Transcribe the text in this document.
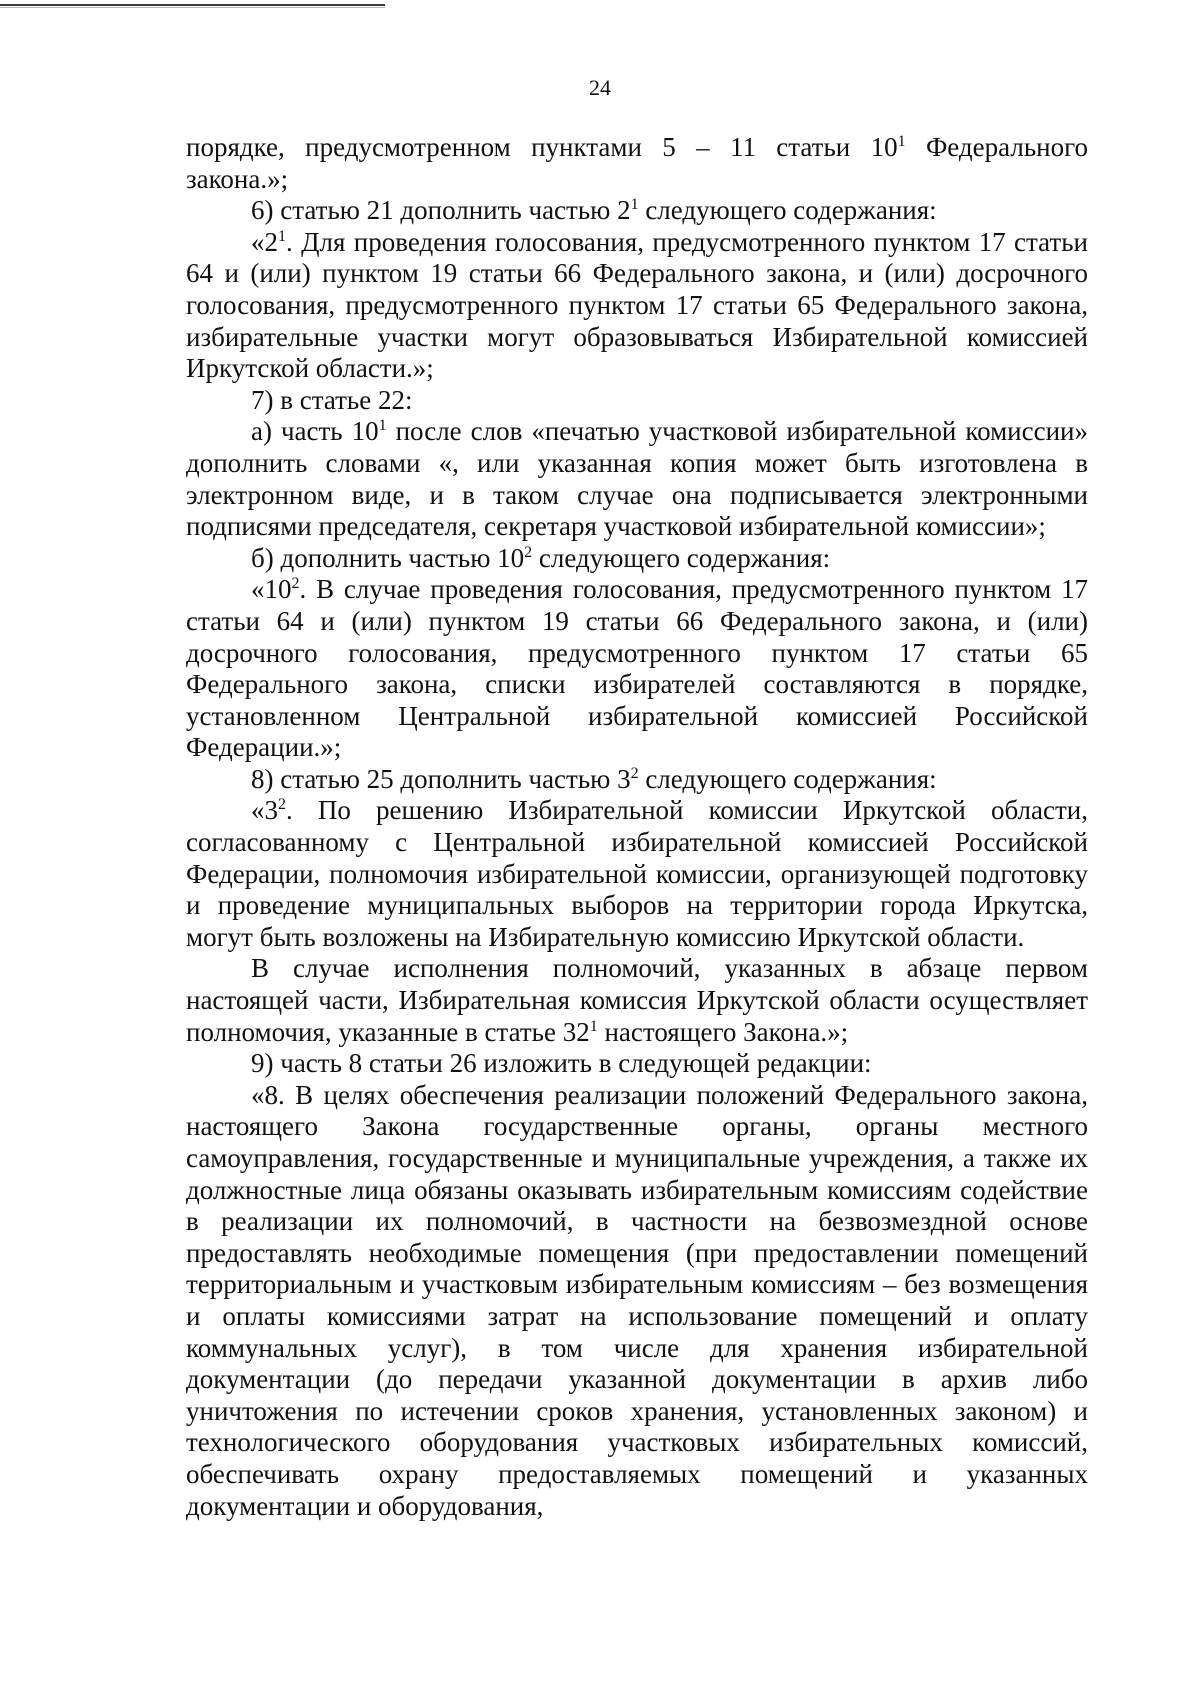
24

порядке, предусмотренном пунктами 5 – 11 статьи $10^1$ Федерального закона.»;

6) статью 21 дополнить частью $2^1$ следующего содержания:

«$2^1$. Для проведения голосования, предусмотренного пунктом 17 статьи 64 и (или) пунктом 19 статьи 66 Федерального закона, и (или) досрочного голосования, предусмотренного пунктом 17 статьи 65 Федерального закона, избирательные участки могут образовываться Избирательной комиссией Иркутской области.»;

7) в статье 22:

а) часть $10^1$ после слов «печатью участковой избирательной комиссии» дополнить словами «, или указанная копия может быть изготовлена в электронном виде, и в таком случае она подписывается электронными подписями председателя, секретаря участковой избирательной комиссии»;

б) дополнить частью $10^2$ следующего содержания:

«$10^2$. В случае проведения голосования, предусмотренного пунктом 17 статьи 64 и (или) пунктом 19 статьи 66 Федерального закона, и (или) досрочного голосования, предусмотренного пунктом 17 статьи 65 Федерального закона, списки избирателей составляются в порядке, установленном Центральной избирательной комиссией Российской Федерации.»;

8) статью 25 дополнить частью $3^2$ следующего содержания:

«$3^2$. По решению Избирательной комиссии Иркутской области, согласованному с Центральной избирательной комиссией Российской Федерации, полномочия избирательной комиссии, организующей подготовку и проведение муниципальных выборов на территории города Иркутска, могут быть возложены на Избирательную комиссию Иркутской области.

В случае исполнения полномочий, указанных в абзаце первом настоящей части, Избирательная комиссия Иркутской области осуществляет полномочия, указанные в статье $32^1$ настоящего Закона.»;

9) часть 8 статьи 26 изложить в следующей редакции:

«8. В целях обеспечения реализации положений Федерального закона, настоящего Закона государственные органы, органы местного самоуправления, государственные и муниципальные учреждения, а также их должностные лица обязаны оказывать избирательным комиссиям содействие в реализации их полномочий, в частности на безвозмездной основе предоставлять необходимые помещения (при предоставлении помещений территориальным и участковым избирательным комиссиям – без возмещения и оплаты комиссиями затрат на использование помещений и оплату коммунальных услуг), в том числе для хранения избирательной документации (до передачи указанной документации в архив либо уничтожения по истечении сроков хранения, установленных законом) и технологического оборудования участковых избирательных комиссий, обеспечивать охрану предоставляемых помещений и указанных документации и оборудования,
